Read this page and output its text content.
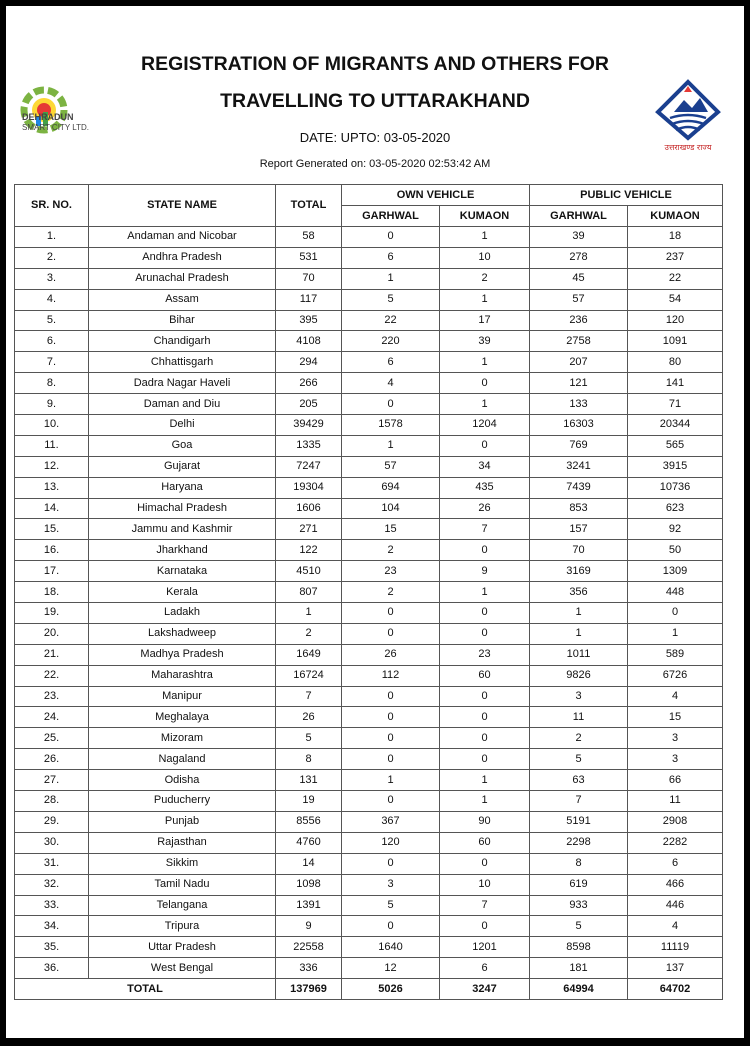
DEHRADUN
SMART CITY LTD.
उत्तराखण्ड राज्य
REGISTRATION OF MIGRANTS AND OTHERS FOR
TRAVELLING TO UTTARAKHAND
DATE: UPTO: 03-05-2020
Report Generated on: 03-05-2020 02:53:42 AM
SR. NO.	STATE NAME	TOTAL	OWN VEHICLE		PUBLIC VEHICLE	
			GARHWAL	KUMAON	GARHWAL	KUMAON
1.	Andaman and Nicobar	58	0	1	39	18
2.	Andhra Pradesh	531	6	10	278	237
3.	Arunachal Pradesh	70	1	2	45	22
4.	Assam	117	5	1	57	54
5.	Bihar	395	22	17	236	120
6.	Chandigarh	4108	220	39	2758	1091
7.	Chhattisgarh	294	6	1	207	80
8.	Dadra Nagar Haveli	266	4	0	121	141
9.	Daman and Diu	205	0	1	133	71
10.	Delhi	39429	1578	1204	16303	20344
11.	Goa	1335	1	0	769	565
12.	Gujarat	7247	57	34	3241	3915
13.	Haryana	19304	694	435	7439	10736
14.	Himachal Pradesh	1606	104	26	853	623
15.	Jammu and Kashmir	271	15	7	157	92
16.	Jharkhand	122	2	0	70	50
17.	Karnataka	4510	23	9	3169	1309
18.	Kerala	807	2	1	356	448
19.	Ladakh	1	0	0	1	0
20.	Lakshadweep	2	0	0	1	1
21.	Madhya Pradesh	1649	26	23	1011	589
22.	Maharashtra	16724	112	60	9826	6726
23.	Manipur	7	0	0	3	4
24.	Meghalaya	26	0	0	11	15
25.	Mizoram	5	0	0	2	3
26.	Nagaland	8	0	0	5	3
27.	Odisha	131	1	1	63	66
28.	Puducherry	19	0	1	7	11
29.	Punjab	8556	367	90	5191	2908
30.	Rajasthan	4760	120	60	2298	2282
31.	Sikkim	14	0	0	8	6
32.	Tamil Nadu	1098	3	10	619	466
33.	Telangana	1391	5	7	933	446
34.	Tripura	9	0	0	5	4
35.	Uttar Pradesh	22558	1640	1201	8598	11119
36.	West Bengal	336	12	6	181	137
TOTAL		137969	5026	3247	64994	64702
